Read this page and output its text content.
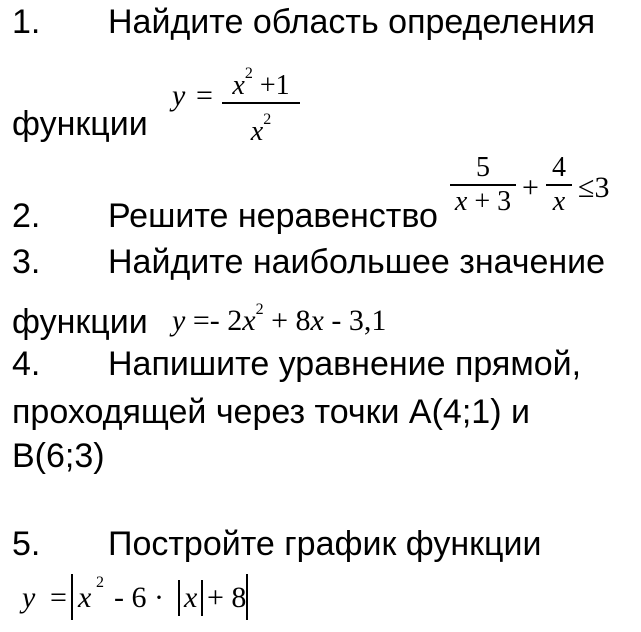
1. Найдите область определения
функции
$y = x^2 +1$
$x^2$
2. Решите неравенство
5
x + 3 +
4
x ≤3
3. Найдите наибольшее значение
функции $y =- 2x^2 + 8x - 3,1$
4. Напишите уравнение прямой,
проходящей через точки А(4;1) и
В(6;3)
5. Постройте график функции
y = x 2 - 6 · x + 8
